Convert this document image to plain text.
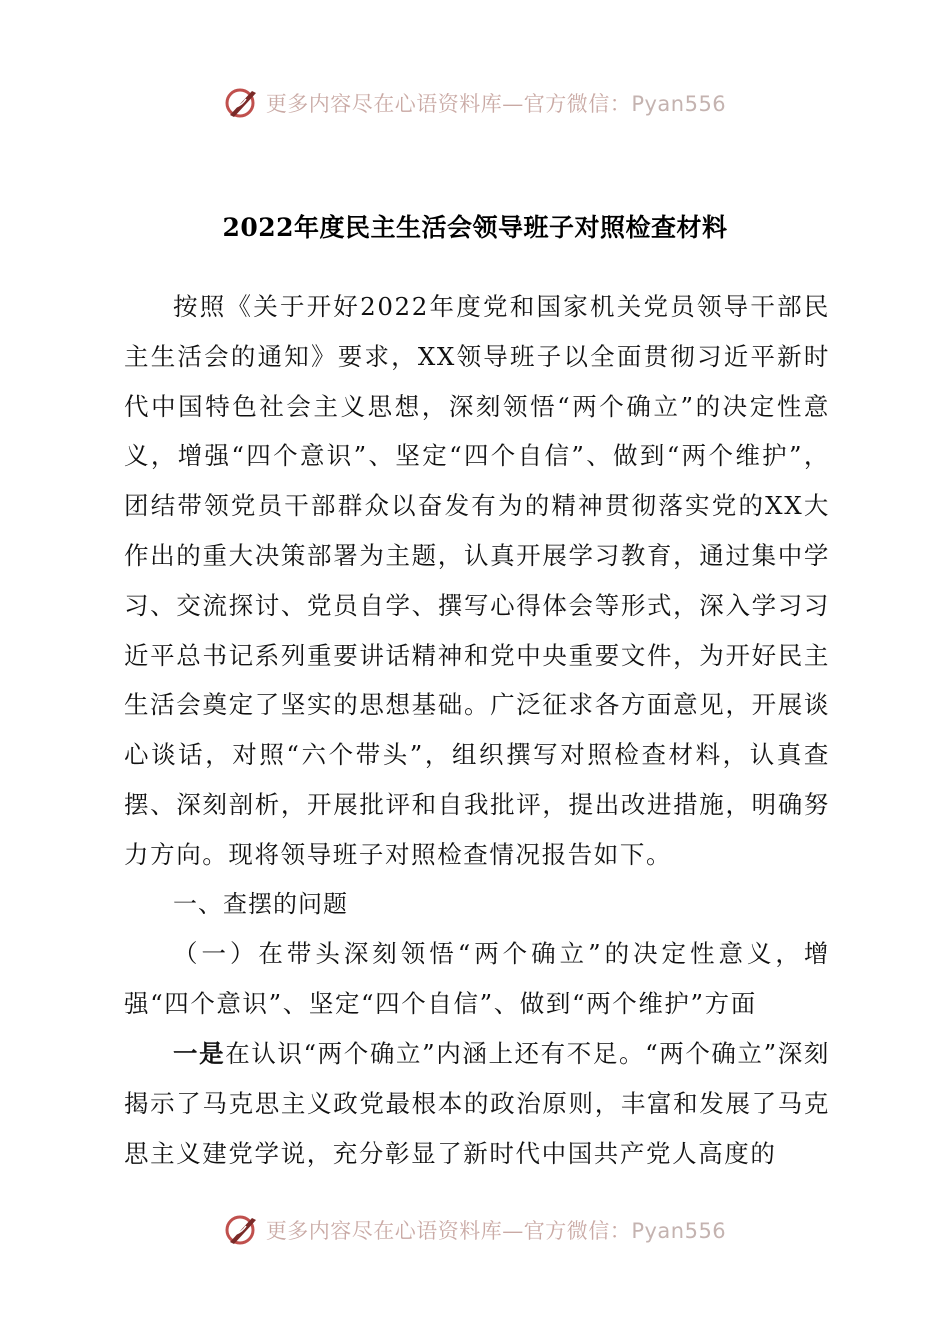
更多内容尽在心语资料库—官方微信：Pyan556
2022年度民主生活会领导班子对照检查材料

按照《关于开好2022年度党和国家机关党员领导干部民主生活会的通知》要求，XX领导班子以全面贯彻习近平新时代中国特色社会主义思想，深刻领悟“两个确立”的决定性意义，增强“四个意识”、坚定“四个自信”、做到“两个维护”，团结带领党员干部群众以奋发有为的精神贯彻落实党的XX大作出的重大决策部署为主题，认真开展学习教育，通过集中学习、交流探讨、党员自学、撰写心得体会等形式，深入学习习近平总书记系列重要讲话精神和党中央重要文件，为开好民主生活会奠定了坚实的思想基础。广泛征求各方面意见，开展谈心谈话，对照“六个带头”，组织撰写对照检查材料，认真查摆、深刻剖析，开展批评和自我批评，提出改进措施，明确努力方向。现将领导班子对照检查情况报告如下。

一、查摆的问题

（一）在带头深刻领悟“两个确立”的决定性意义，增强“四个意识”、坚定“四个自信”、做到“两个维护”方面

一是在认识“两个确立”内涵上还有不足。“两个确立”深刻揭示了马克思主义政党最根本的政治原则，丰富和发展了马克思主义建党学说，充分彰显了新时代中国共产党人高度的

更多内容尽在心语资料库—官方微信：Pyan556
